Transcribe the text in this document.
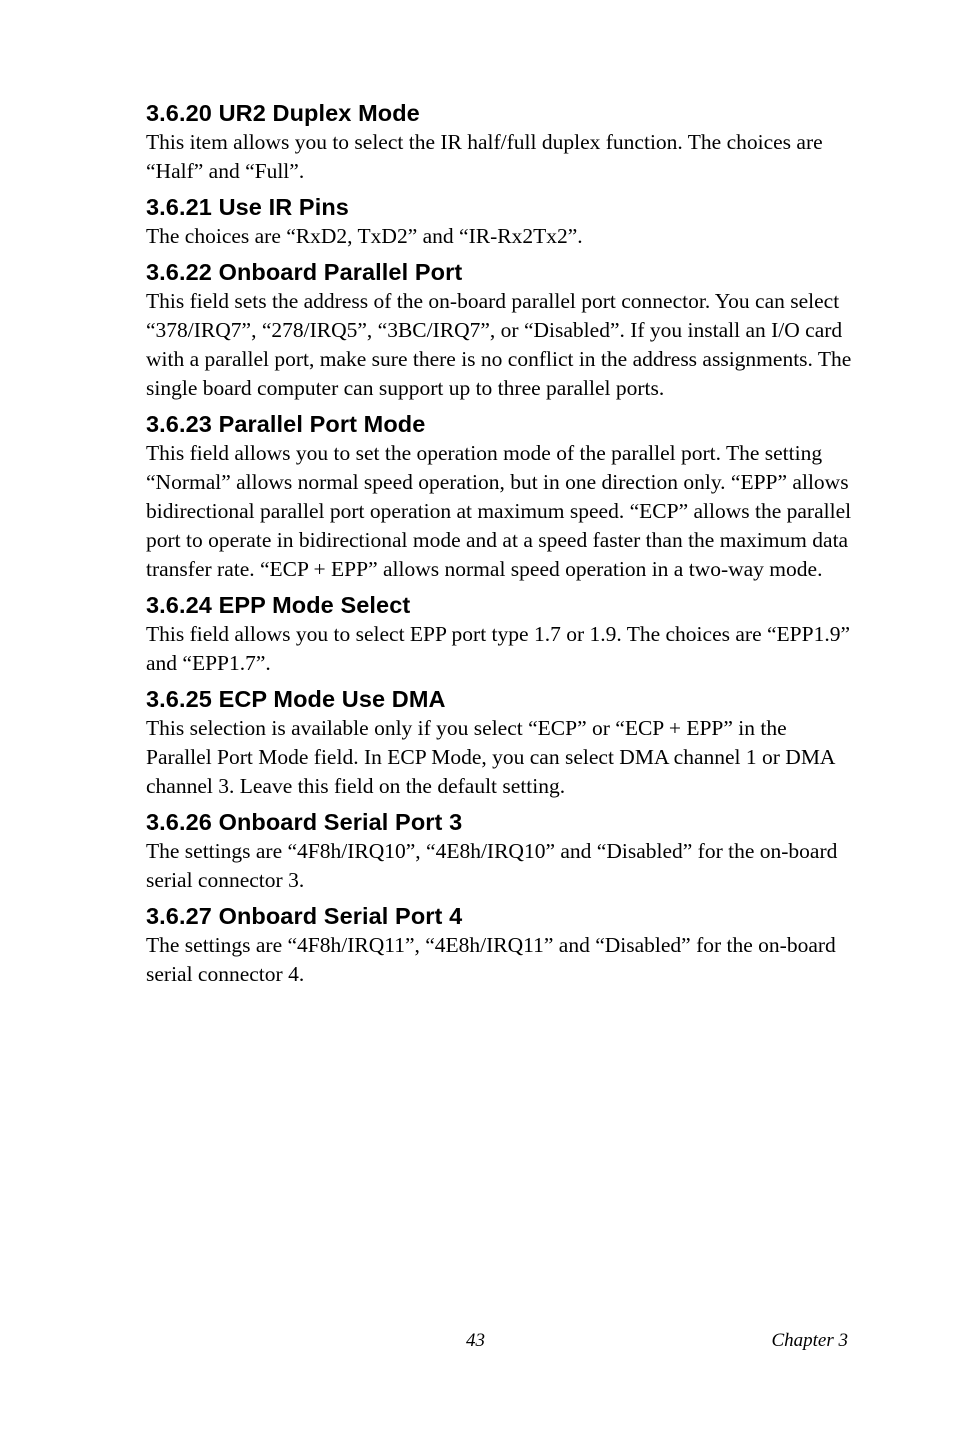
3.6.20 UR2 Duplex Mode

This item allows you to select the IR half/full duplex function. The choices are “Half” and “Full”.

3.6.21 Use IR Pins

The choices are “RxD2, TxD2” and “IR-Rx2Tx2”.

3.6.22 Onboard Parallel Port

This field sets the address of the on-board parallel port connector. You can select “378/IRQ7”, “278/IRQ5”, “3BC/IRQ7”, or “Disabled”. If you install an I/O card with a parallel port, make sure there is no conflict in the address assignments. The single board computer can support up to three parallel ports.

3.6.23 Parallel Port Mode

This field allows you to set the operation mode of the parallel port. The setting “Normal” allows normal speed operation, but in one direction only. “EPP” allows bidirectional parallel port operation at maximum speed. “ECP” allows the parallel port to operate in bidirectional mode and at a speed faster than the maximum data transfer rate. “ECP + EPP” allows normal speed operation in a two-way mode.

3.6.24 EPP Mode Select

This field allows you to select EPP port type 1.7 or 1.9. The choices are “EPP1.9” and “EPP1.7”.

3.6.25 ECP Mode Use DMA

This selection is available only if you select “ECP” or “ECP + EPP” in the Parallel Port Mode field. In ECP Mode, you can select DMA channel 1 or DMA channel 3. Leave this field on the default setting.

3.6.26 Onboard Serial Port 3

The settings are “4F8h/IRQ10”, “4E8h/IRQ10” and “Disabled” for the on-board serial connector 3.

3.6.27 Onboard Serial Port 4

The settings are “4F8h/IRQ11”, “4E8h/IRQ11” and “Disabled” for the on-board serial connector 4.

43	Chapter 3
